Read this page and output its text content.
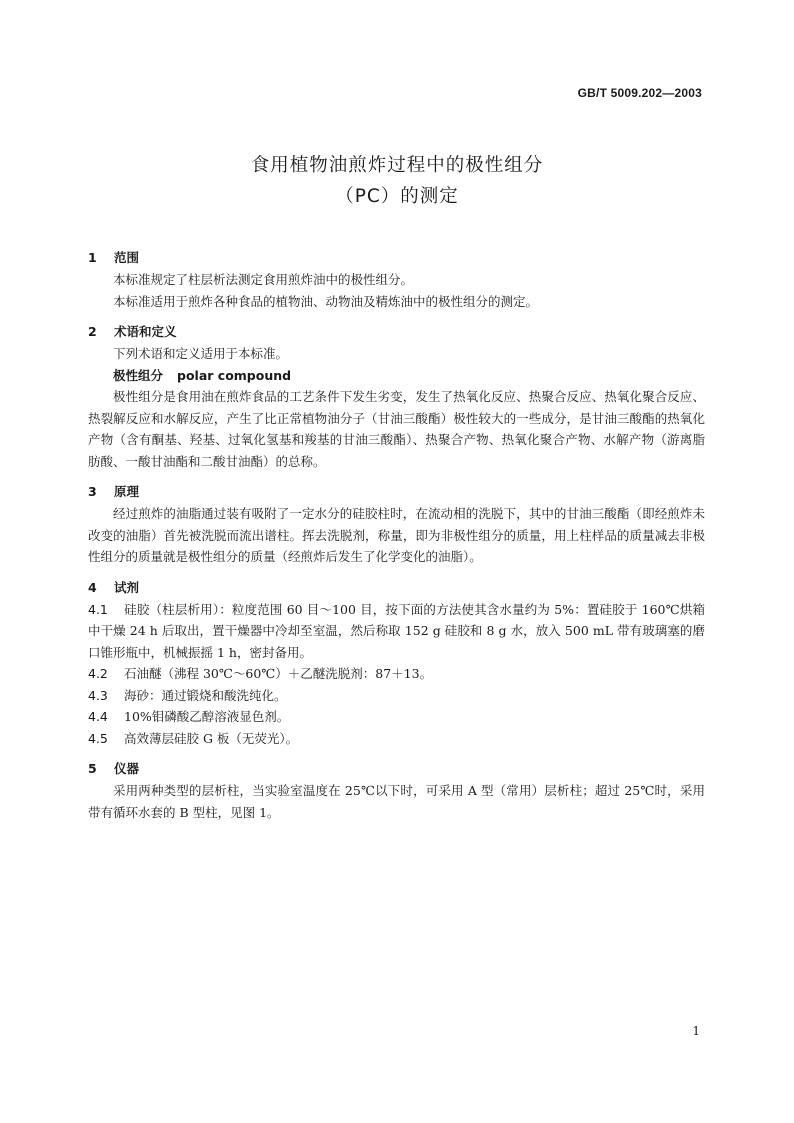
GB/T 5009.202—2003
食用植物油煎炸过程中的极性组分
（PC）的测定
1 范围

本标准规定了柱层析法测定食用煎炸油中的极性组分。

本标准适用于煎炸各种食品的植物油、动物油及精炼油中的极性组分的测定。

2 术语和定义

下列术语和定义适用于本标准。

极性组分 polar compound

极性组分是食用油在煎炸食品的工艺条件下发生劣变，发生了热氧化反应、热聚合反应、热氧化聚合反应、热裂解反应和水解反应，产生了比正常植物油分子（甘油三酸酯）极性较大的一些成分，是甘油三酸酯的热氧化产物（含有酮基、羟基、过氧化氢基和羧基的甘油三酸酯）、热聚合产物、热氧化聚合产物、水解产物（游离脂肪酸、一酸甘油酯和二酸甘油酯）的总称。

3 原理

经过煎炸的油脂通过装有吸附了一定水分的硅胶柱时，在流动相的洗脱下，其中的甘油三酸酯（即经煎炸未改变的油脂）首先被洗脱而流出谱柱。挥去洗脱剂，称量，即为非极性组分的质量，用上柱样品的质量减去非极性组分的质量就是极性组分的质量（经煎炸后发生了化学变化的油脂）。

4 试剂

4.1 硅胶（柱层析用）：粒度范围 60 目～100 目，按下面的方法使其含水量约为 5%：置硅胶于 160℃烘箱中干燥 24 h 后取出，置干燥器中冷却至室温，然后称取 152 g 硅胶和 8 g 水，放入 500 mL 带有玻璃塞的磨口锥形瓶中，机械振摇 1 h，密封备用。

4.2 石油醚（沸程 30℃～60℃）＋乙醚洗脱剂：87＋13。

4.3 海砂：通过锻烧和酸洗纯化。

4.4 10%钼磷酸乙醇溶液显色剂。

4.5 高效薄层硅胶 G 板（无荧光）。

5 仪器

采用两种类型的层析柱，当实验室温度在 25℃以下时，可采用 A 型（常用）层析柱；超过 25℃时，采用带有循环水套的 B 型柱，见图 1。

1
